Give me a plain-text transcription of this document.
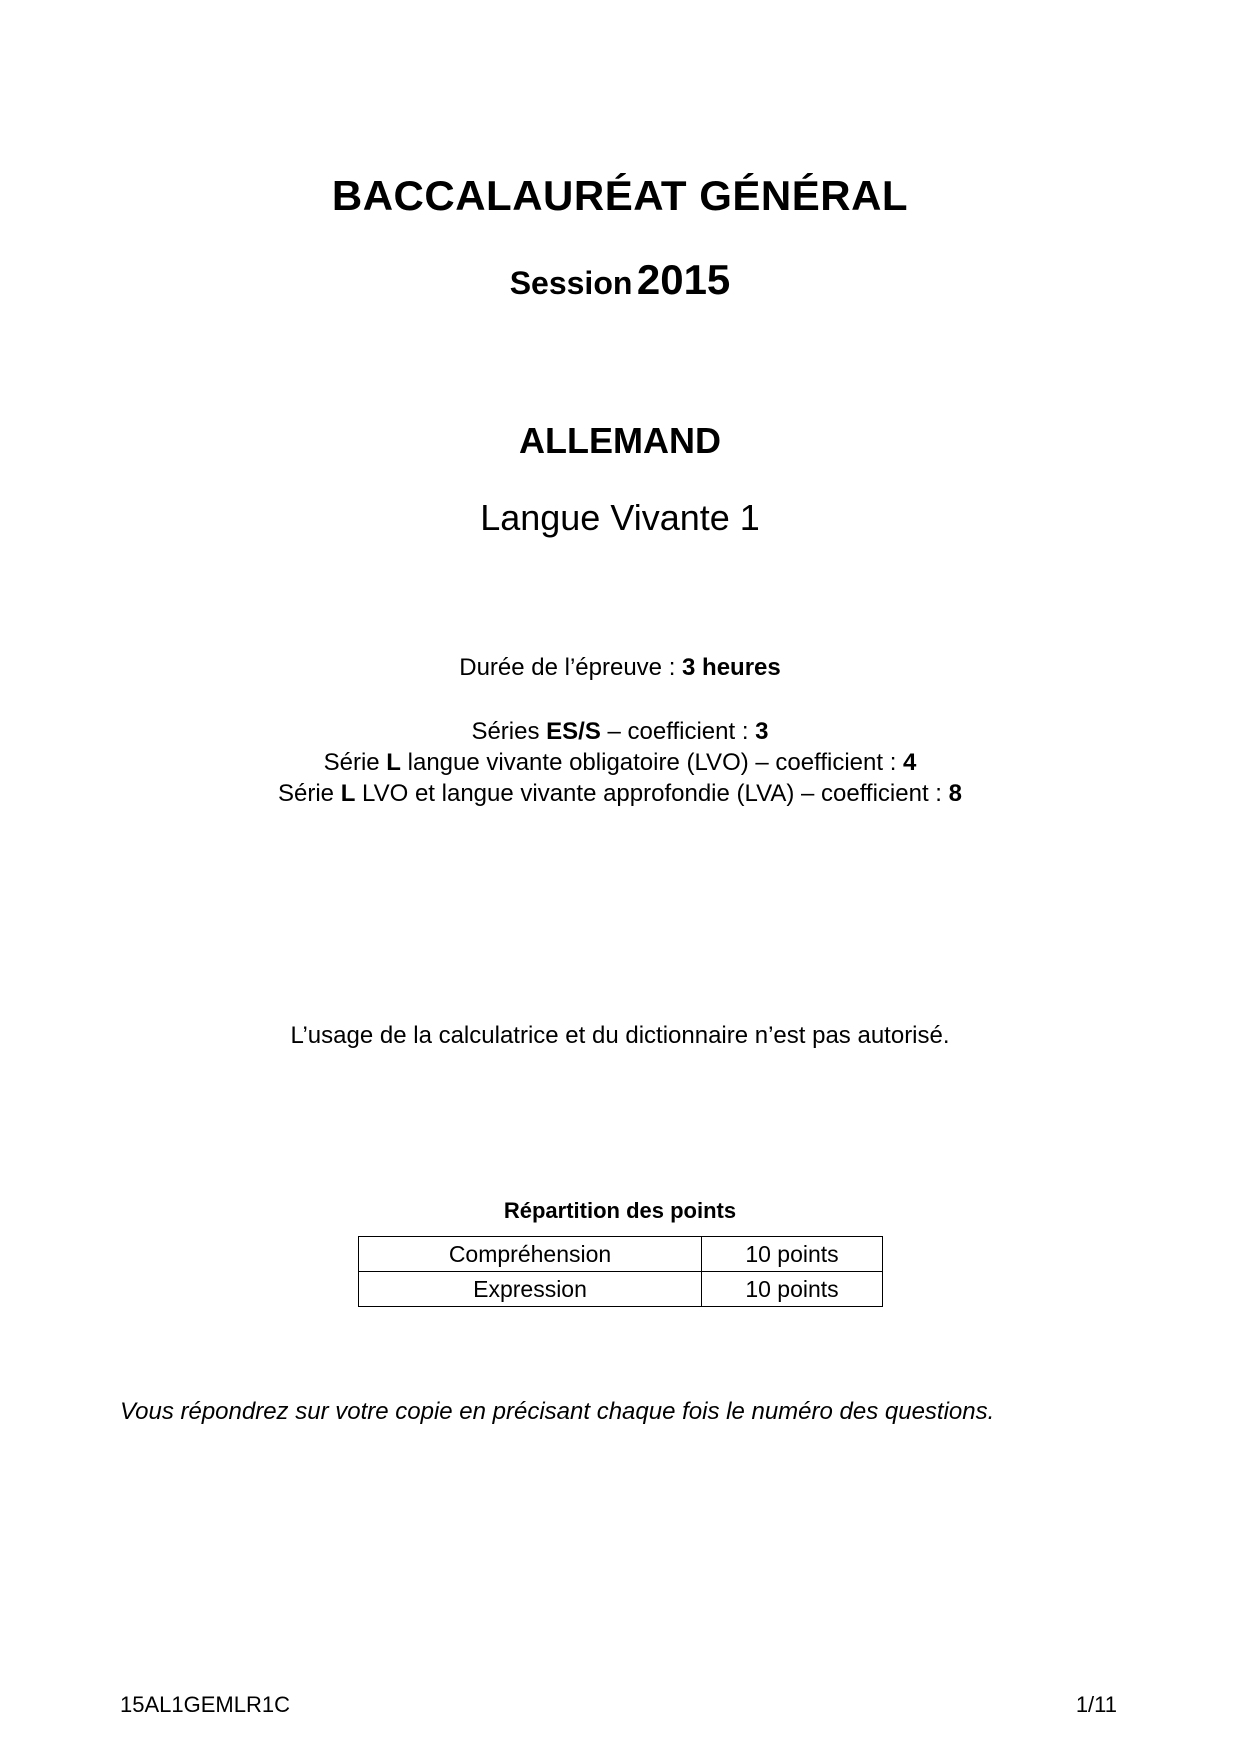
BACCALAURÉAT GÉNÉRAL
Session 2015
ALLEMAND
Langue Vivante 1
Durée de l’épreuve : 3 heures
Séries ES/S – coefficient : 3
Série L langue vivante obligatoire (LVO) – coefficient : 4
Série L LVO et langue vivante approfondie (LVA) – coefficient : 8
L’usage de la calculatrice et du dictionnaire n’est pas autorisé.
Répartition des points
Compréhension	10 points
Expression	10 points
Vous répondrez sur votre copie en précisant chaque fois le numéro des questions.
15AL1GEMLR1C	1/11
